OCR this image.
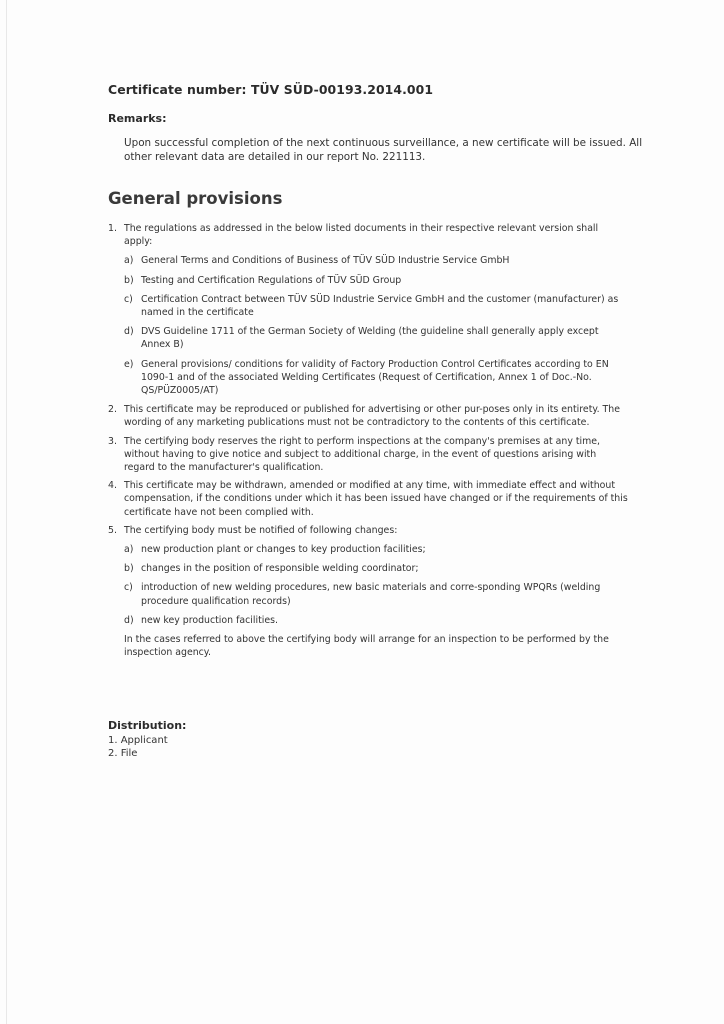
Certificate number: TÜV SÜD-00193.2014.001
Remarks:
Upon successful completion of the next continuous surveillance, a new certificate will be issued. All other relevant data are detailed in our report No. 221113.
General provisions
1. The regulations as addressed in the below listed documents in their respective relevant version shall apply:
a) General Terms and Conditions of Business of TÜV SÜD Industrie Service GmbH
b) Testing and Certification Regulations of TÜV SÜD Group
c) Certification Contract between TÜV SÜD Industrie Service GmbH and the customer (manufacturer) as named in the certificate
d) DVS Guideline 1711 of the German Society of Welding (the guideline shall generally apply except Annex B)
e) General provisions/ conditions for validity of Factory Production Control Certificates according to EN 1090-1 and of the associated Welding Certificates (Request of Certification, Annex 1 of Doc.-No. QS/PÜZ0005/AT)
2. This certificate may be reproduced or published for advertising or other pur-poses only in its entirety. The wording of any marketing publications must not be contradictory to the contents of this certificate.
3. The certifying body reserves the right to perform inspections at the company's premises at any time, without having to give notice and subject to additional charge, in the event of questions arising with regard to the manufacturer's qualification.
4. This certificate may be withdrawn, amended or modified at any time, with immediate effect and without compensation, if the conditions under which it has been issued have changed or if the requirements of this certificate have not been complied with.
5. The certifying body must be notified of following changes:
a) new production plant or changes to key production facilities;
b) changes in the position of responsible welding coordinator;
c) introduction of new welding procedures, new basic materials and corre-sponding WPQRs (welding procedure qualification records)
d) new key production facilities.
In the cases referred to above the certifying body will arrange for an inspection to be performed by the inspection agency.
Distribution:
1. Applicant
2. File
